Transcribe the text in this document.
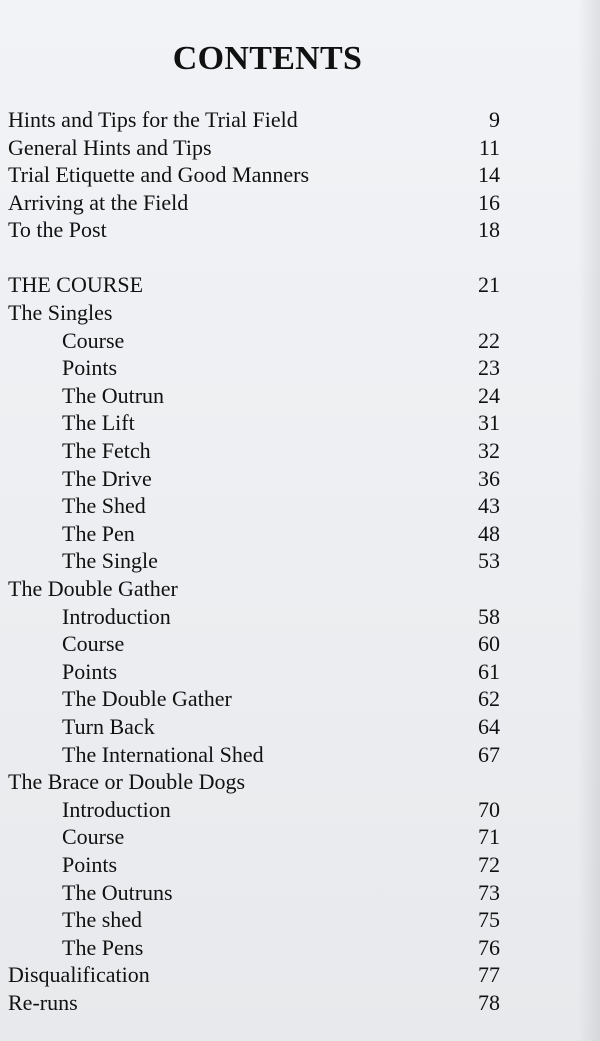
CONTENTS
Hints and Tips for the Trial Field	9
General Hints and Tips	11
Trial Etiquette and Good Manners	14
Arriving at the Field	16
To the Post	18
THE COURSE	21
The Singles
Course	22
Points	23
The Outrun	24
The Lift	31
The Fetch	32
The Drive	36
The Shed	43
The Pen	48
The Single	53
The Double Gather
Introduction	58
Course	60
Points	61
The Double Gather	62
Turn Back	64
The International Shed	67
The Brace or Double Dogs
Introduction	70
Course	71
Points	72
The Outruns	73
The shed	75
The Pens	76
Disqualification	77
Re-runs	78
